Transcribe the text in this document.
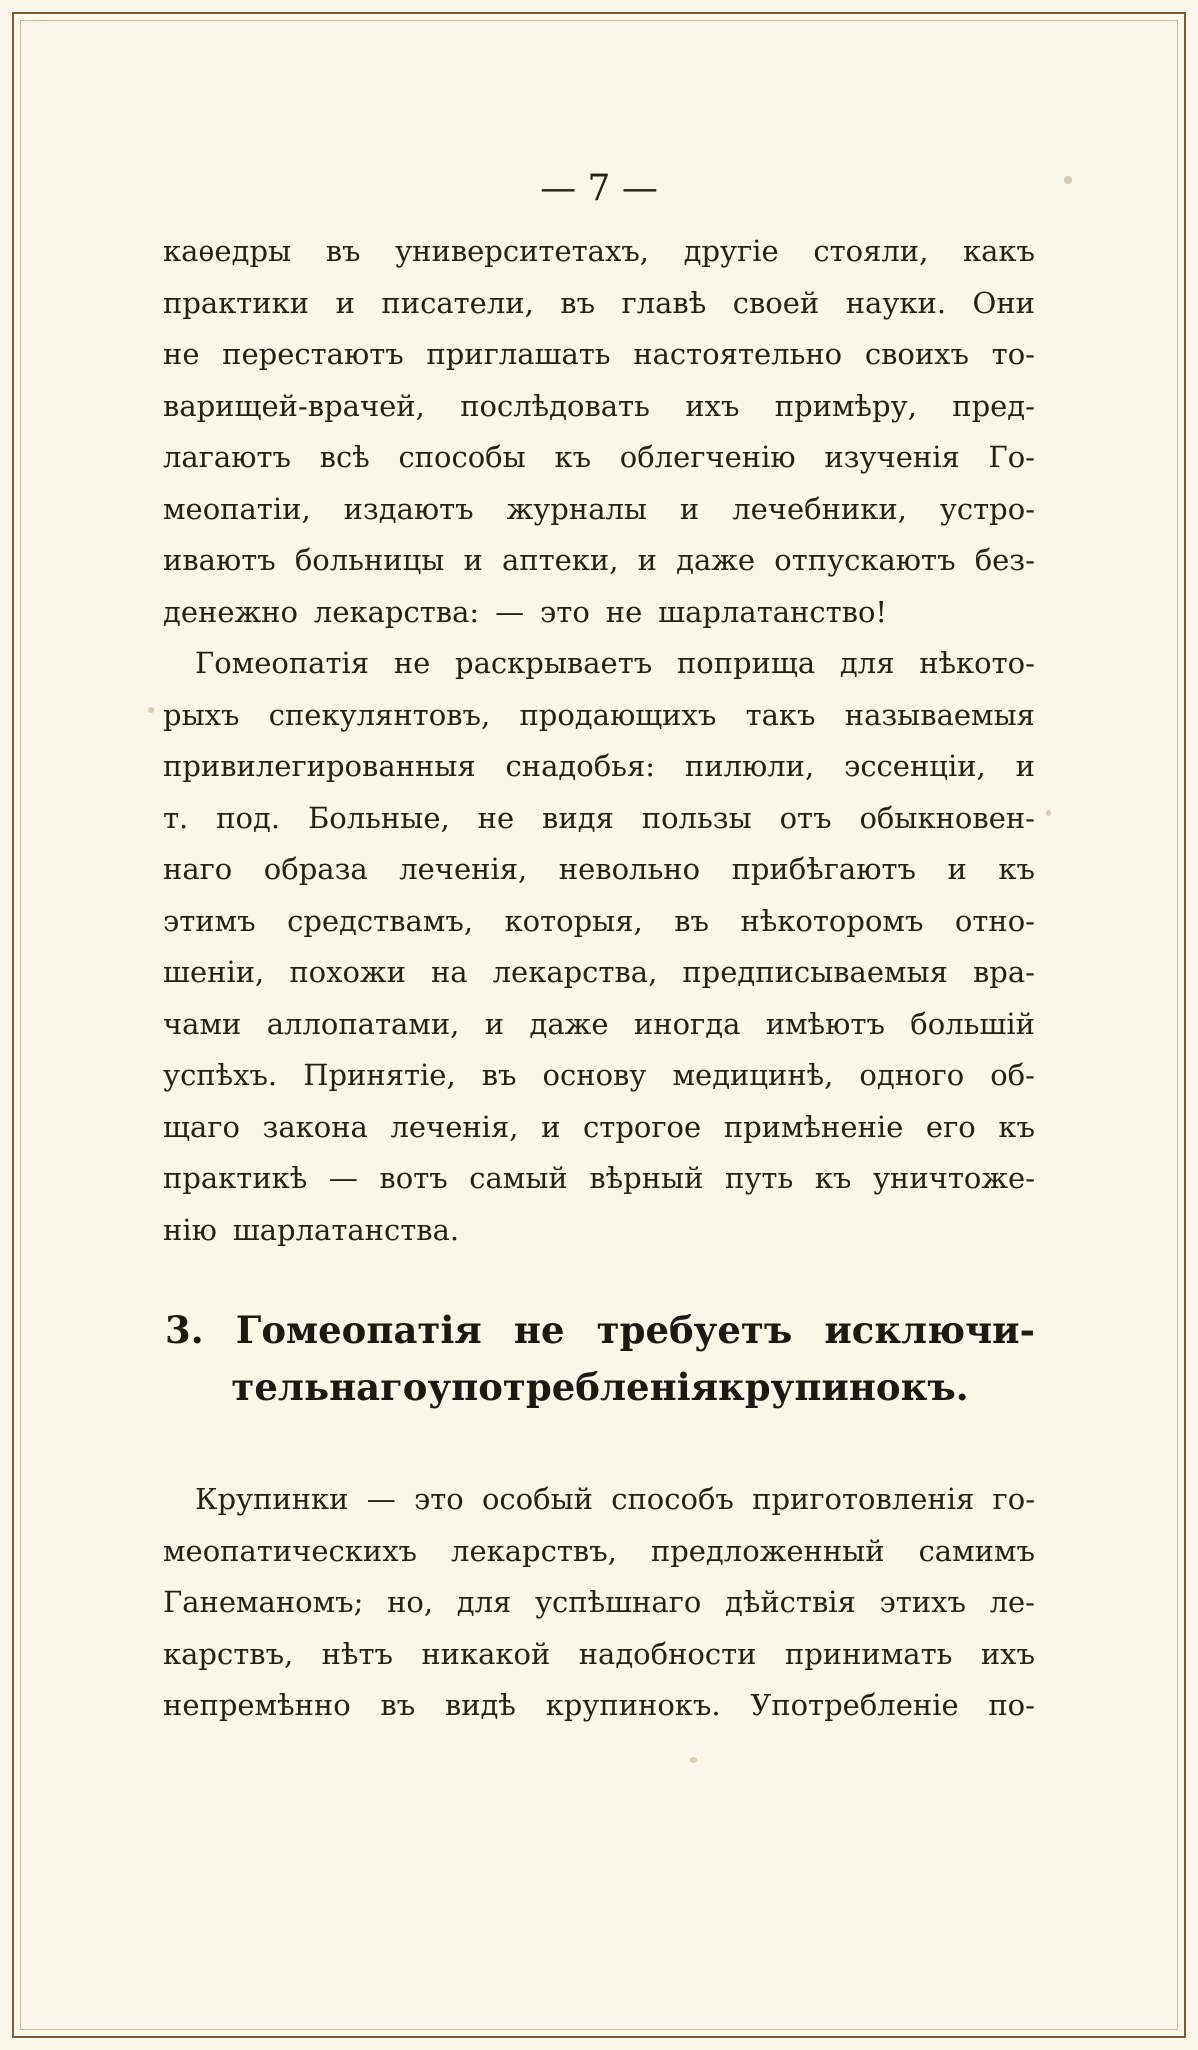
— 7 —
каѳедры въ университетахъ, другіе стояли, какъ
практики и писатели, въ главѣ своей науки. Они
не перестаютъ приглашать настоятельно своихъ то-
варищей-врачей, послѣдовать ихъ примѣру, пред-
лагаютъ всѣ способы къ облегченію изученія Го-
меопатіи, издаютъ журналы и лечебники, устро-
иваютъ больницы и аптеки, и даже отпускаютъ без-
денежно лекарства: — это не шарлатанство!
Гомеопатія не раскрываетъ поприща для нѣкото-
рыхъ спекулянтовъ, продающихъ такъ называемыя
привилегированныя снадобья: пилюли, эссенціи, и
т. под. Больные, не видя пользы отъ обыкновен-
наго образа леченія, невольно прибѣгаютъ и къ
этимъ средствамъ, которыя, въ нѣкоторомъ отно-
шеніи, похожи на лекарства, предписываемыя вра-
чами аллопатами, и даже иногда имѣютъ большій
успѣхъ. Принятіе, въ основу медицинѣ, одного об-
щаго закона леченія, и строгое примѣненіе его къ
практикѣ — вотъ самый вѣрный путь къ уничтоже-
нію шарлатанства.
3. Гомеопатія не требуетъ исключи-
тельнаго употребленія крупинокъ.
Крупинки — это особый способъ приготовленія го-
меопатическихъ лекарствъ, предложенный самимъ
Ганеманомъ; но, для успѣшнаго дѣйствія этихъ ле-
карствъ, нѣтъ никакой надобности принимать ихъ
непремѣнно въ видѣ крупинокъ. Употребленіе по-
